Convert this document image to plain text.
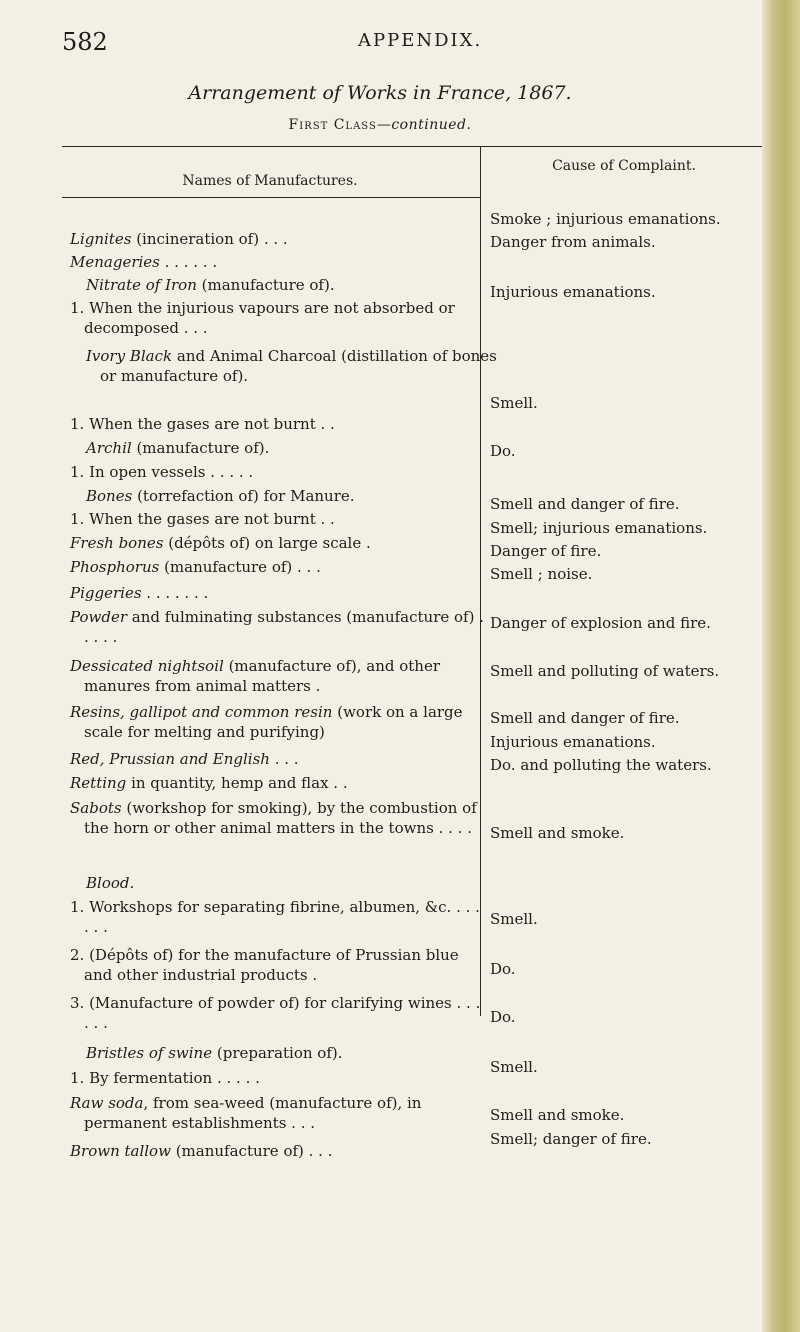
582	APPENDIX.
Arrangement of Works in France, 1867.
First Class—continued.
Names of Manufactures.
Cause of Complaint.
Lignites (incineration of) . . .
Menageries . . . . . .
Nitrate of Iron (manufacture of).
1. When the injurious vapours are not absorbed or decomposed . . .
Ivory Black and Animal Charcoal (distillation of bones or manufacture of).
1. When the gases are not burnt . .
Archil (manufacture of).
1. In open vessels . . . . .
Bones (torrefaction of) for Manure.
1. When the gases are not burnt . .
Fresh bones (dépôts of) on large scale .
Phosphorus (manufacture of) . . .
Piggeries . . . . . . .
Powder and fulminating substances (manufacture of) . . . . .
Dessicated nightsoil (manufacture of), and other manures from animal matters .
Resins, gallipot and common resin (work on a large scale for melting and purifying)
Red, Prussian and English . . .
Retting in quantity, hemp and flax . .
Sabots (workshop for smoking), by the combustion of the horn or other animal matters in the towns . . . .
Blood.
1. Workshops for separating fibrine, albumen, &c. . . . . . .
2. (Dépôts of) for the manufacture of Prussian blue and other industrial products .
3. (Manufacture of powder of) for clarifying wines . . . . . .
Bristles of swine (preparation of).
1. By fermentation . . . . .
Raw soda, from sea-weed (manufacture of), in permanent establishments . . .
Brown tallow (manufacture of) . . .
Smoke ; injurious emanations.
Danger from animals.
Injurious emanations.
Smell.
Do.
Smell and danger of fire.
Smell; injurious emanations.
Danger of fire.
Smell ; noise.
Danger of explosion and fire.
Smell and polluting of waters.
Smell and danger of fire.
Injurious emanations.
Do. and polluting the waters.
Smell and smoke.
Smell.
Do.
Do.
Smell.
Smell and smoke.
Smell; danger of fire.
